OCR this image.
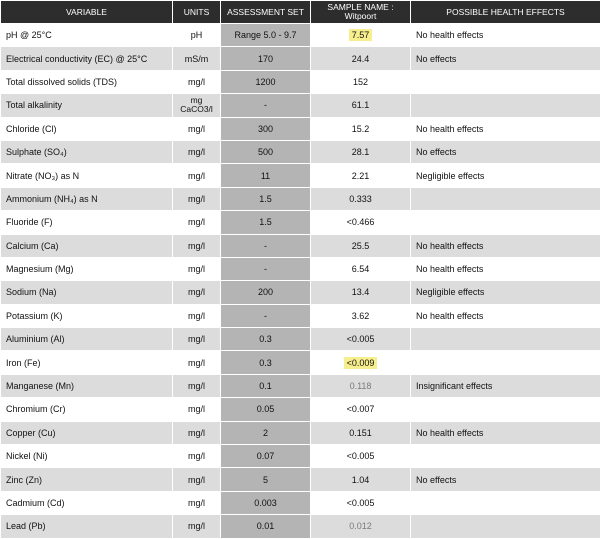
VARIABLE	UNITS	ASSESSMENT SET	SAMPLE NAME : Witpoort	POSSIBLE HEALTH EFFECTS
pH @ 25°C	pH	Range 5.0 - 9.7	7.57	No health effects
Electrical conductivity (EC) @ 25°C	mS/m	170	24.4	No effects
Total dissolved solids (TDS)	mg/l	1200	152	
Total alkalinity	mg CaCO3/l	-	61.1	
Chloride (Cl)	mg/l	300	15.2	No health effects
Sulphate (SO₄)	mg/l	500	28.1	No effects
Nitrate (NO₃) as N	mg/l	11	2.21	Negligible effects
Ammonium (NH₄) as N	mg/l	1.5	0.333	
Fluoride (F)	mg/l	1.5	<0.466	
Calcium (Ca)	mg/l	-	25.5	No health effects
Magnesium (Mg)	mg/l	-	6.54	No health effects
Sodium (Na)	mg/l	200	13.4	Negligible effects
Potassium (K)	mg/l	-	3.62	No health effects
Aluminium (Al)	mg/l	0.3	<0.005	
Iron (Fe)	mg/l	0.3	<0.009	
Manganese (Mn)	mg/l	0.1	0.118	Insignificant effects
Chromium (Cr)	mg/l	0.05	<0.007	
Copper (Cu)	mg/l	2	0.151	No health effects
Nickel (Ni)	mg/l	0.07	<0.005	
Zinc (Zn)	mg/l	5	1.04	No effects
Cadmium (Cd)	mg/l	0.003	<0.005	
Lead (Pb)	mg/l	0.01	0.012	
